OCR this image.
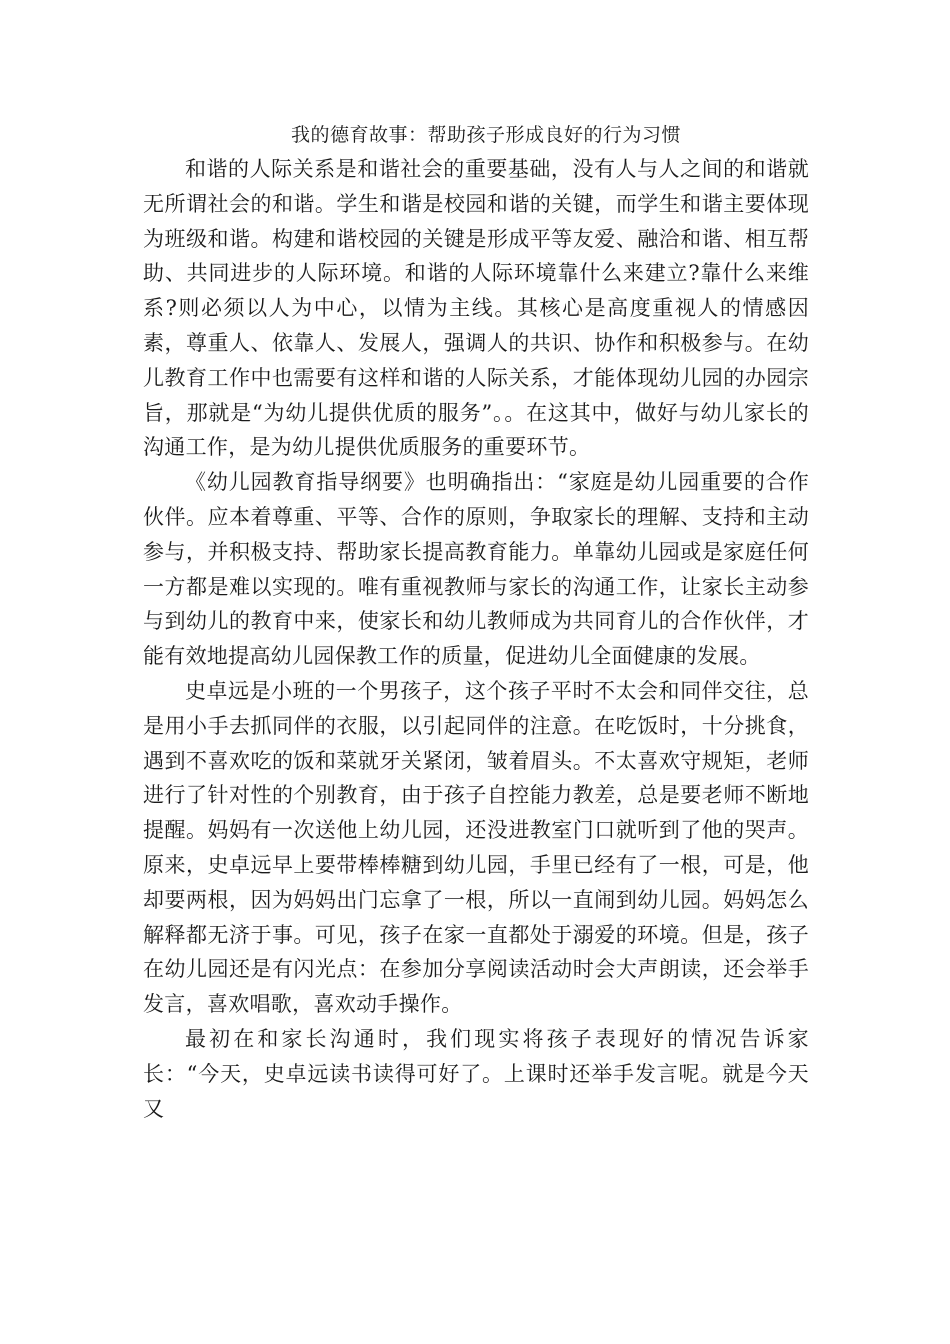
我的德育故事：帮助孩子形成良好的行为习惯

和谐的人际关系是和谐社会的重要基础，没有人与人之间的和谐就无所谓社会的和谐。学生和谐是校园和谐的关键，而学生和谐主要体现为班级和谐。构建和谐校园的关键是形成平等友爱、融洽和谐、相互帮助、共同进步的人际环境。和谐的人际环境靠什么来建立?靠什么来维系?则必须以人为中心，以情为主线。其核心是高度重视人的情感因素，尊重人、依靠人、发展人，强调人的共识、协作和积极参与。在幼儿教育工作中也需要有这样和谐的人际关系，才能体现幼儿园的办园宗旨，那就是“为幼儿提供优质的服务”。。在这其中，做好与幼儿家长的沟通工作，是为幼儿提供优质服务的重要环节。

《幼儿园教育指导纲要》也明确指出：“家庭是幼儿园重要的合作伙伴。应本着尊重、平等、合作的原则，争取家长的理解、支持和主动参与，并积极支持、帮助家长提高教育能力。单靠幼儿园或是家庭任何一方都是难以实现的。唯有重视教师与家长的沟通工作，让家长主动参与到幼儿的教育中来，使家长和幼儿教师成为共同育儿的合作伙伴，才能有效地提高幼儿园保教工作的质量，促进幼儿全面健康的发展。

史卓远是小班的一个男孩子，这个孩子平时不太会和同伴交往，总是用小手去抓同伴的衣服，以引起同伴的注意。在吃饭时，十分挑食，遇到不喜欢吃的饭和菜就牙关紧闭，皱着眉头。不太喜欢守规矩，老师进行了针对性的个别教育，由于孩子自控能力教差，总是要老师不断地提醒。妈妈有一次送他上幼儿园，还没进教室门口就听到了他的哭声。原来，史卓远早上要带棒棒糖到幼儿园，手里已经有了一根，可是，他却要两根，因为妈妈出门忘拿了一根，所以一直闹到幼儿园。妈妈怎么解释都无济于事。可见，孩子在家一直都处于溺爱的环境。但是，孩子在幼儿园还是有闪光点：在参加分享阅读活动时会大声朗读，还会举手发言，喜欢唱歌，喜欢动手操作。

最初在和家长沟通时，我们现实将孩子表现好的情况告诉家长：“今天，史卓远读书读得可好了。上课时还举手发言呢。就是今天又
